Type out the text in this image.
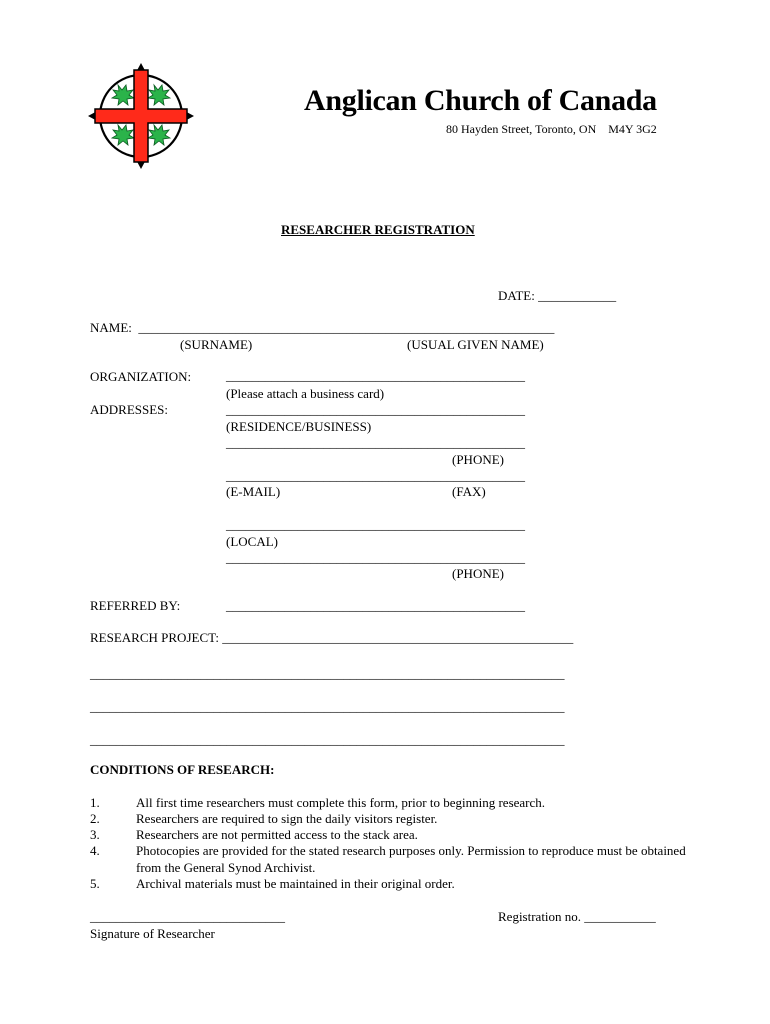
Anglican Church of Canada
80 Hayden Street, Toronto, ON    M4Y 3G2
RESEARCHER REGISTRATION
DATE: ____________
NAME:  ________________________________________________________________
(SURNAME)	(USUAL GIVEN NAME)
ORGANIZATION:	______________________________________________
(Please attach a business card)
ADDRESSES:	______________________________________________
(RESIDENCE/BUSINESS)
______________________________________________
(PHONE)
______________________________________________
(E-MAIL)	(FAX)
______________________________________________
(LOCAL)
______________________________________________
(PHONE)
REFERRED BY:	______________________________________________
RESEARCH PROJECT: ______________________________________________________
_________________________________________________________________________
_________________________________________________________________________
_________________________________________________________________________
CONDITIONS OF RESEARCH:
1.	All first time researchers must complete this form, prior to beginning research.
2.	Researchers are required to sign the daily visitors register.
3.	Researchers are not permitted access to the stack area.
4.	Photocopies are provided for the stated research purposes only. Permission to reproduce must be obtained from the General Synod Archivist.
5.	Archival materials must be maintained in their original order.
______________________________
Signature of Researcher
Registration no. ___________
